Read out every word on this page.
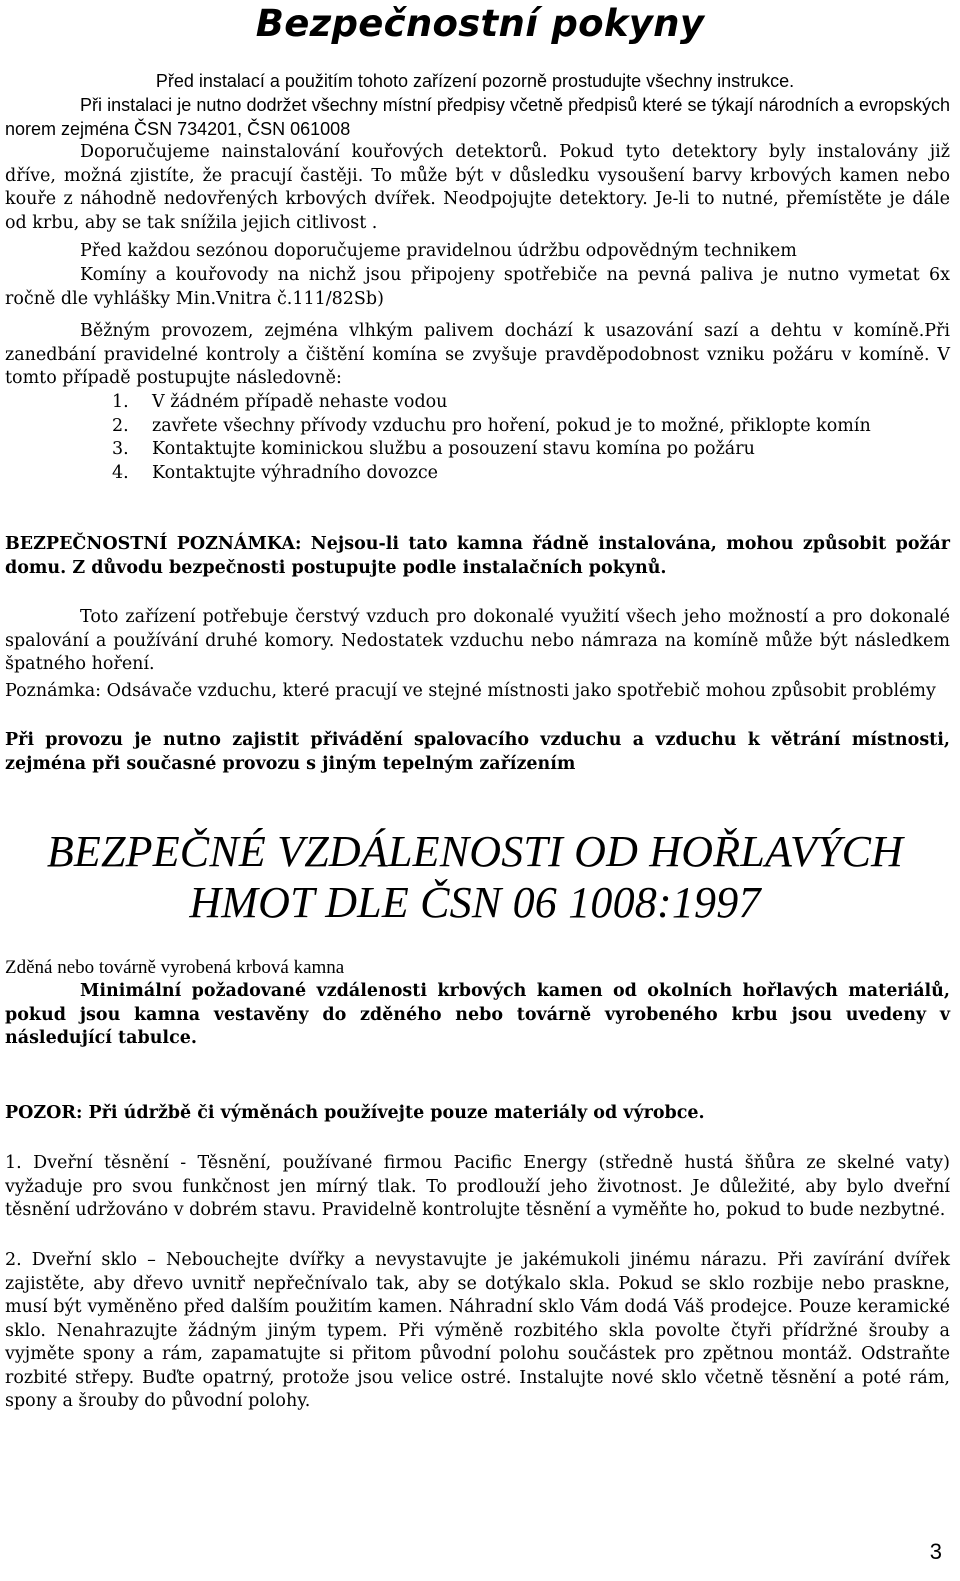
Bezpečnostní pokyny

Před instalací a použitím tohoto zařízení pozorně prostudujte všechny instrukce.

Při instalaci je nutno dodržet všechny místní předpisy včetně předpisů které se týkají národních a evropských norem zejména ČSN 734201, ČSN 061008

Doporučujeme nainstalování kouřových detektorů. Pokud tyto detektory byly instalovány již dříve, možná zjistíte, že pracují častěji. To může být v důsledku vysoušení barvy krbových kamen nebo kouře z náhodně nedovřených krbových dvířek. Neodpojujte detektory. Je-li to nutné, přemístěte je dále od krbu, aby se tak snížila jejich citlivost .

Před každou sezónou doporučujeme pravidelnou údržbu odpovědným technikem

Komíny a kouřovody na nichž jsou připojeny spotřebiče na pevná paliva je nutno vymetat 6x ročně dle vyhlášky Min.Vnitra č.111/82Sb)

Běžným provozem, zejména vlhkým palivem dochází k usazování sazí a dehtu v komíně.Při zanedbání pravidelné kontroly a čištění komína se zvyšuje pravděpodobnost vzniku požáru v komíně. V tomto případě postupujte následovně:

1. V žádném případě nehaste vodou
2. zavřete všechny přívody vzduchu pro hoření, pokud je to možné, přiklopte komín
3. Kontaktujte kominickou službu a posouzení stavu komína po požáru
4. Kontaktujte výhradního dovozce

BEZPEČNOSTNÍ POZNÁMKA: Nejsou-li tato kamna řádně instalována, mohou způsobit požár domu. Z důvodu bezpečnosti postupujte podle instalačních pokynů.

Toto zařízení potřebuje čerstvý vzduch pro dokonalé využití všech jeho možností a pro dokonalé spalování a používání druhé komory. Nedostatek vzduchu nebo námraza na komíně může být následkem špatného hoření.

Poznámka: Odsávače vzduchu, které pracují ve stejné místnosti jako spotřebič mohou způsobit problémy

Při provozu je nutno zajistit přivádění spalovacího vzduchu a vzduchu k větrání místnosti, zejména při současné provozu s jiným tepelným zařízením

BEZPEČNÉ VZDÁLENOSTI OD HOŘLAVÝCH
HMOT DLE ČSN 06 1008:1997

Zděná nebo továrně vyrobená krbová kamna

Minimální požadované vzdálenosti krbových kamen od okolních hořlavých materiálů, pokud jsou kamna vestavěny do zděného nebo továrně vyrobeného krbu jsou uvedeny v následující tabulce.

POZOR: Při údržbě či výměnách používejte pouze materiály od výrobce.

1. Dveřní těsnění - Těsnění, používané firmou Pacific Energy (středně hustá šňůra ze skelné vaty) vyžaduje pro svou funkčnost jen mírný tlak. To prodlouží jeho životnost. Je důležité, aby bylo dveřní těsnění udržováno v dobrém stavu. Pravidelně kontrolujte těsnění a vyměňte ho, pokud to bude nezbytné.

2. Dveřní sklo – Nebouchejte dvířky a nevystavujte je jakémukoli jinému nárazu. Při zavírání dvířek zajistěte, aby dřevo uvnitř nepřečnívalo tak, aby se dotýkalo skla. Pokud se sklo rozbije nebo praskne, musí být vyměněno před dalším použitím kamen. Náhradní sklo Vám dodá Váš prodejce. Pouze keramické sklo. Nenahrazujte žádným jiným typem. Při výměně rozbitého skla povolte čtyři přídržné šrouby a vyjměte spony a rám, zapamatujte si přitom původní polohu součástek pro zpětnou montáž. Odstraňte rozbité střepy. Buďte opatrný, protože jsou velice ostré. Instalujte nové sklo včetně těsnění a poté rám, spony a šrouby do původní polohy.

3
